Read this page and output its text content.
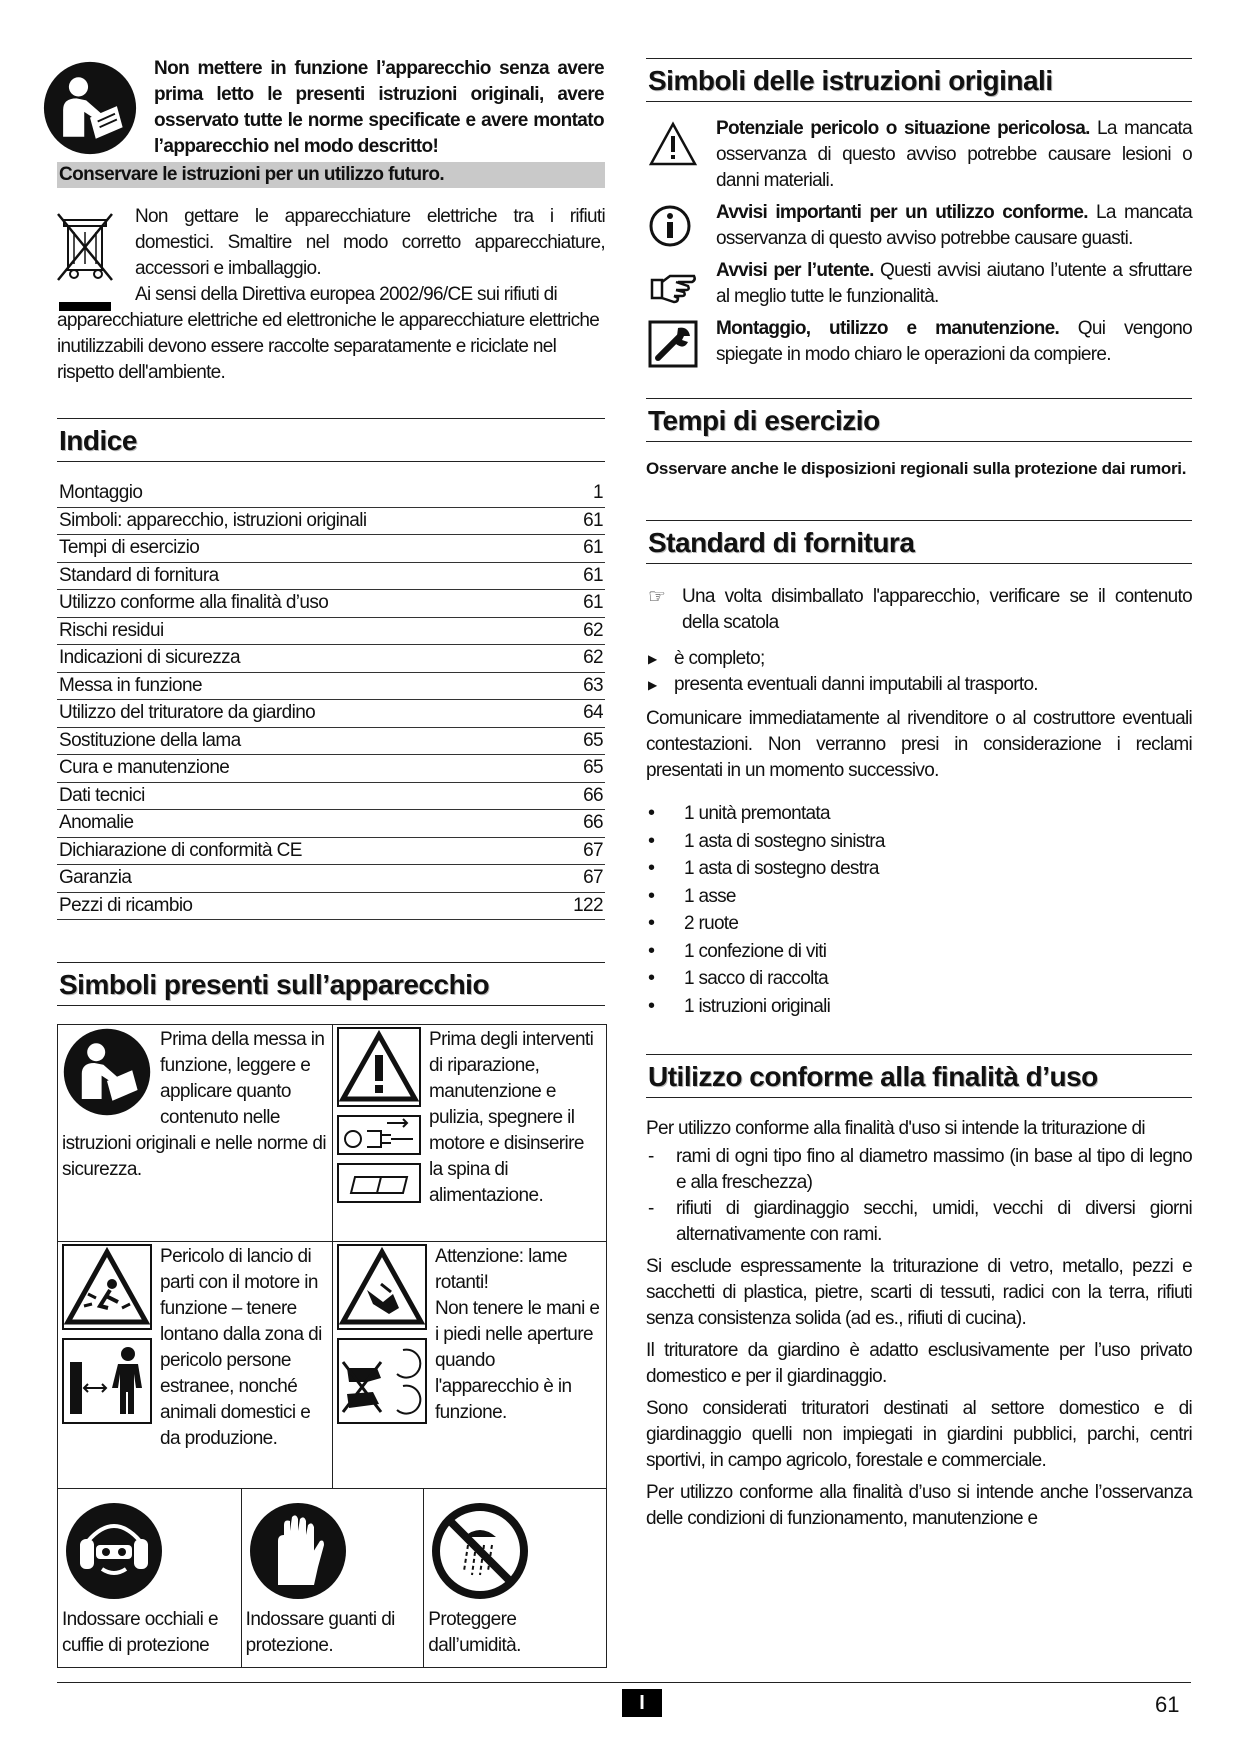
Non mettere in funzione l’apparecchio senza avere prima letto le presenti istruzioni originali, avere osservato tutte le norme specificate e avere montato l’apparecchio nel modo descritto!
Conservare le istruzioni per un utilizzo futuro.

Non gettare le apparecchiature elettriche tra i rifiuti domestici. Smaltire nel modo corretto apparecchiature, accessori e imballaggio.

Ai sensi della Direttiva europea 2002/96/CE sui rifiuti di
apparecchiature elettriche ed elettroniche le apparecchiature elettriche inutilizzabili devono essere raccolte separatamente e riciclate nel rispetto dell'ambiente.

Indice
Montaggio	1
Simboli: apparecchio, istruzioni originali	61
Tempi di esercizio	61
Standard di fornitura	61
Utilizzo conforme alla finalità d’uso	61
Rischi residui	62
Indicazioni di sicurezza	62
Messa in funzione	63
Utilizzo del trituratore da giardino	64
Sostituzione della lama	65
Cura e manutenzione	65
Dati tecnici	66
Anomalie	66
Dichiarazione di conformità CE	67
Garanzia	67
Pezzi di ricambio	122
Simboli presenti sull’apparecchio
Prima della messa in funzione, leggere e applicare quanto contenuto nelle istruzioni originali e nelle norme di sicurezza.

Prima degli interventi di riparazione, manutenzione e pulizia, spegnere il motore e disinserire la spina di alimentazione.

Pericolo di lancio di parti con il motore in funzione – tenere lontano dalla zona di pericolo persone estranee, nonché animali domestici e da produzione.

Attenzione: lame rotanti!
Non tenere le mani e i piedi nelle aperture quando l'apparecchio è in funzione.
Indossare occhiali e cuffie di protezione
Indossare guanti di protezione.
Proteggere dall’umidità.
Simboli delle istruzioni originali

Potenziale pericolo o situazione pericolosa. La mancata osservanza di questo avviso potrebbe causare lesioni o danni materiali.

Avvisi importanti per un utilizzo conforme. La mancata osservanza di questo avviso potrebbe causare guasti.

Avvisi per l’utente. Questi avvisi aiutano l’utente a sfruttare al meglio tutte le funzionalità.

Montaggio, utilizzo e manutenzione. Qui vengono spiegate in modo chiaro le operazioni da compiere.

Tempi di esercizio

Osservare anche le disposizioni regionali sulla protezione dai rumori.

Standard di fornitura
☞ Una volta disimballato l'apparecchio, verificare se il contenuto della scatola

▶ è completo;
▶ presenta eventuali danni imputabili al trasporto.

Comunicare immediatamente al rivenditore o al costruttore eventuali contestazioni. Non verranno presi in considerazione i reclami presentati in un momento successivo.

• 1 unità premontata
• 1 asta di sostegno sinistra
• 1 asta di sostegno destra
• 1 asse
• 2 ruote
• 1 confezione di viti
• 1 sacco di raccolta
• 1 istruzioni originali
Utilizzo conforme alla finalità d’uso

Per utilizzo conforme alla finalità d'uso si intende la triturazione di

- rami di ogni tipo fino al diametro massimo (in base al tipo di legno e alla freschezza)
- rifiuti di giardinaggio secchi, umidi, vecchi di diversi giorni alternativamente con rami.

Si esclude espressamente la triturazione di vetro, metallo, pezzi e sacchetti di plastica, pietre, scarti di tessuti, radici con la terra, rifiuti senza consistenza solida (ad es., rifiuti di cucina).

Il trituratore da giardino è adatto esclusivamente per l’uso privato domestico e per il giardinaggio.

Sono considerati trituratori destinati al settore domestico e di giardinaggio quelli non impiegati in giardini pubblici, parchi, centri sportivi, in campo agricolo, forestale e commerciale.

Per utilizzo conforme alla finalità d’uso si intende anche l’osservanza delle condizioni di funzionamento, manutenzione e

I	61
